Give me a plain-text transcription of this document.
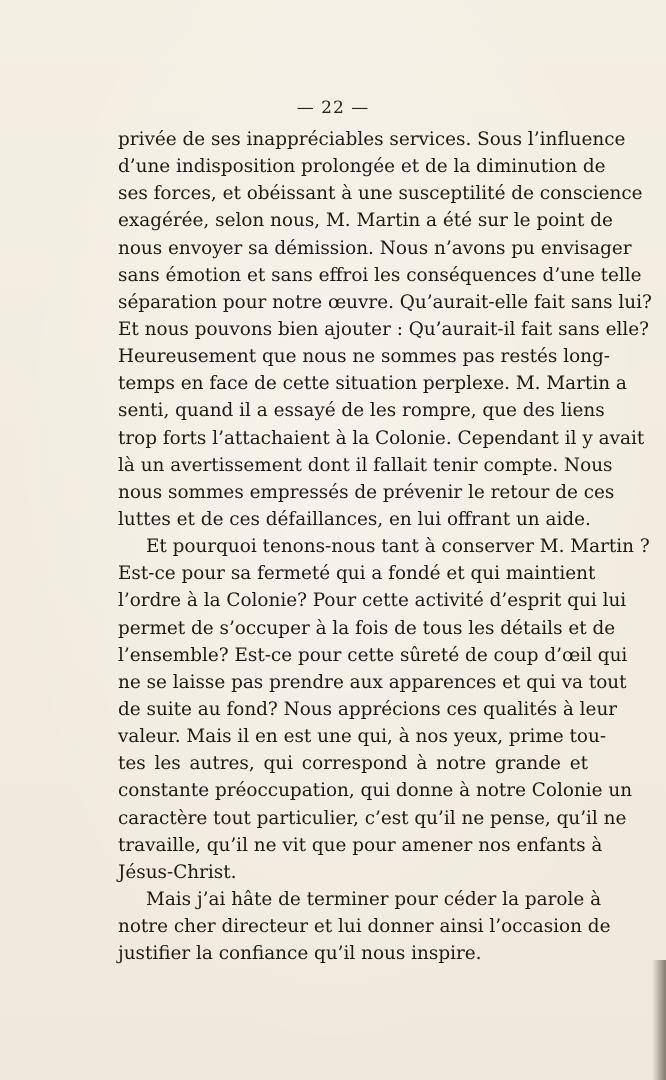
— 22 —
privée de ses inappréciables services. Sous l’influence
d’une indisposition prolongée et de la diminution de
ses forces, et obéissant à une susceptilité de conscience
exagérée, selon nous, M. Martin a été sur le point de
nous envoyer sa démission. Nous n’avons pu envisager
sans émotion et sans effroi les conséquences d’une telle
séparation pour notre œuvre. Qu’aurait-elle fait sans lui?
Et nous pouvons bien ajouter : Qu’aurait-il fait sans elle?
Heureusement que nous ne sommes pas restés long-
temps en face de cette situation perplexe. M. Martin a
senti, quand il a essayé de les rompre, que des liens
trop forts l’attachaient à la Colonie. Cependant il y avait
là un avertissement dont il fallait tenir compte. Nous
nous sommes empressés de prévenir le retour de ces
luttes et de ces défaillances, en lui offrant un aide.
Et pourquoi tenons-nous tant à conserver M. Martin ?
Est-ce pour sa fermeté qui a fondé et qui maintient
l’ordre à la Colonie? Pour cette activité d’esprit qui lui
permet de s’occuper à la fois de tous les détails et de
l’ensemble? Est-ce pour cette sûreté de coup d’œil qui
ne se laisse pas prendre aux apparences et qui va tout
de suite au fond? Nous apprécions ces qualités à leur
valeur. Mais il en est une qui, à nos yeux, prime tou-
tes les autres, qui correspond à notre grande et
constante préoccupation, qui donne à notre Colonie un
caractère tout particulier, c’est qu’il ne pense, qu’il ne
travaille, qu’il ne vit que pour amener nos enfants à
Jésus-Christ.
Mais j’ai hâte de terminer pour céder la parole à
notre cher directeur et lui donner ainsi l’occasion de
justifier la confiance qu’il nous inspire.
